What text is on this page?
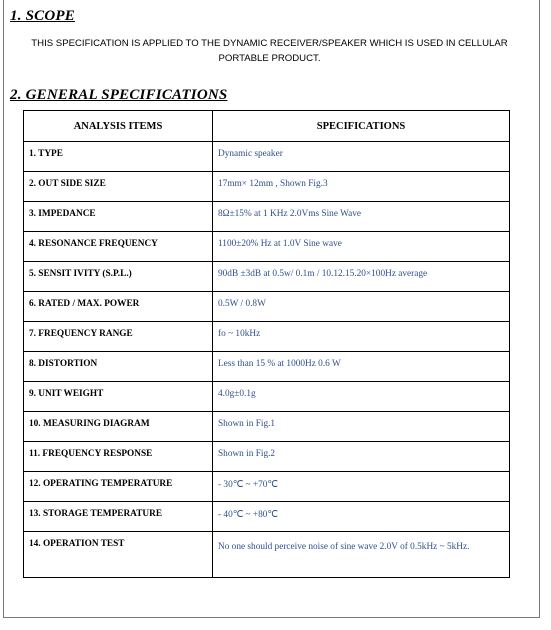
1. SCOPE
THIS SPECIFICATION IS APPLIED TO THE DYNAMIC RECEIVER/SPEAKER WHICH IS USED IN CELLULAR PORTABLE PRODUCT.
2. GENERAL SPECIFICATIONS
ANALYSIS ITEMS	SPECIFICATIONS
1. TYPE	Dynamic speaker
2. OUT SIDE SIZE	17mm× 12mm , Shown Fig.3
3. IMPEDANCE	8Ω±15% at 1 KHz 2.0Vms Sine Wave
4. RESONANCE FREQUENCY	1100±20% Hz at 1.0V Sine wave
5. SENSIT IVITY (S.P.L.)	90dB ±3dB at 0.5w/ 0.1m / 10.12.15.20×100Hz average
6. RATED / MAX. POWER	0.5W / 0.8W
7. FREQUENCY RANGE	fo ~ 10kHz
8. DISTORTION	Less than 15 % at 1000Hz 0.6 W
9. UNIT WEIGHT	4.0g±0.1g
10. MEASURING DIAGRAM	Shown in Fig.1
11. FREQUENCY RESPONSE	Shown in Fig.2
12. OPERATING TEMPERATURE	- 30℃ ~ +70℃
13. STORAGE TEMPERATURE	- 40℃ ~ +80℃
14. OPERATION TEST	No one should perceive noise of sine wave 2.0V of 0.5kHz ~ 5kHz.
